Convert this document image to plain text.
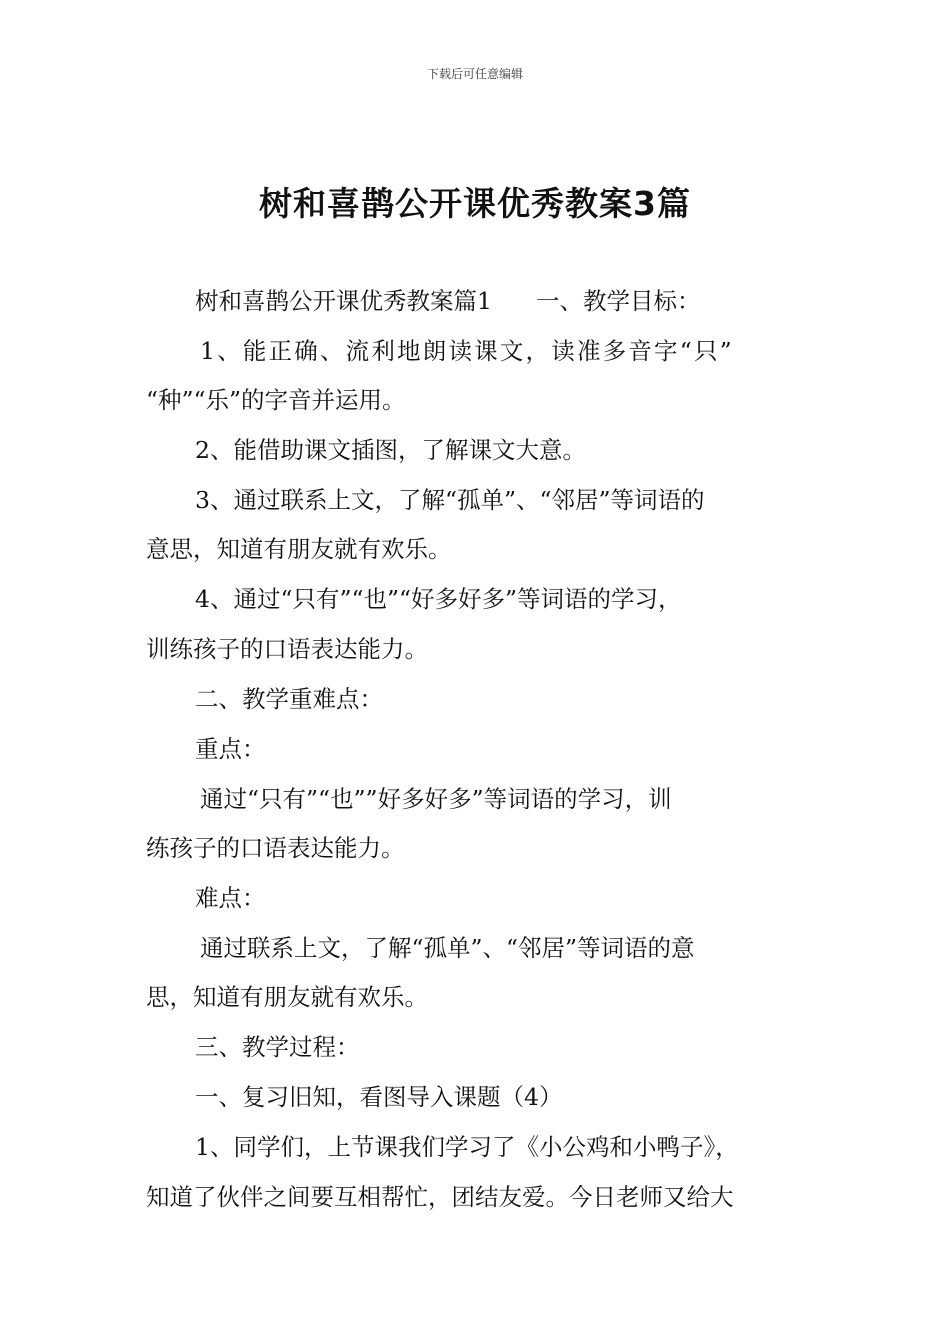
下载后可任意编辑
树和喜鹊公开课优秀教案3篇
树和喜鹊公开课优秀教案篇1 一、教学目标：
1、能正确、流利地朗读课文，读准多音字“只”
“种”“乐”的字音并运用。
2、能借助课文插图，了解课文大意。
3、通过联系上文，了解“孤单”、“邻居”等词语的
意思，知道有朋友就有欢乐。
4、通过“只有”“也”“好多好多”等词语的学习，
训练孩子的口语表达能力。
二、教学重难点：
重点：
通过“只有”“也””好多好多”等词语的学习，训
练孩子的口语表达能力。
难点：
通过联系上文，了解“孤单”、“邻居”等词语的意
思，知道有朋友就有欢乐。
三、教学过程：
一、复习旧知，看图导入课题（4）
1、同学们，上节课我们学习了《小公鸡和小鸭子》，
知道了伙伴之间要互相帮忙，团结友爱。今日老师又给大
